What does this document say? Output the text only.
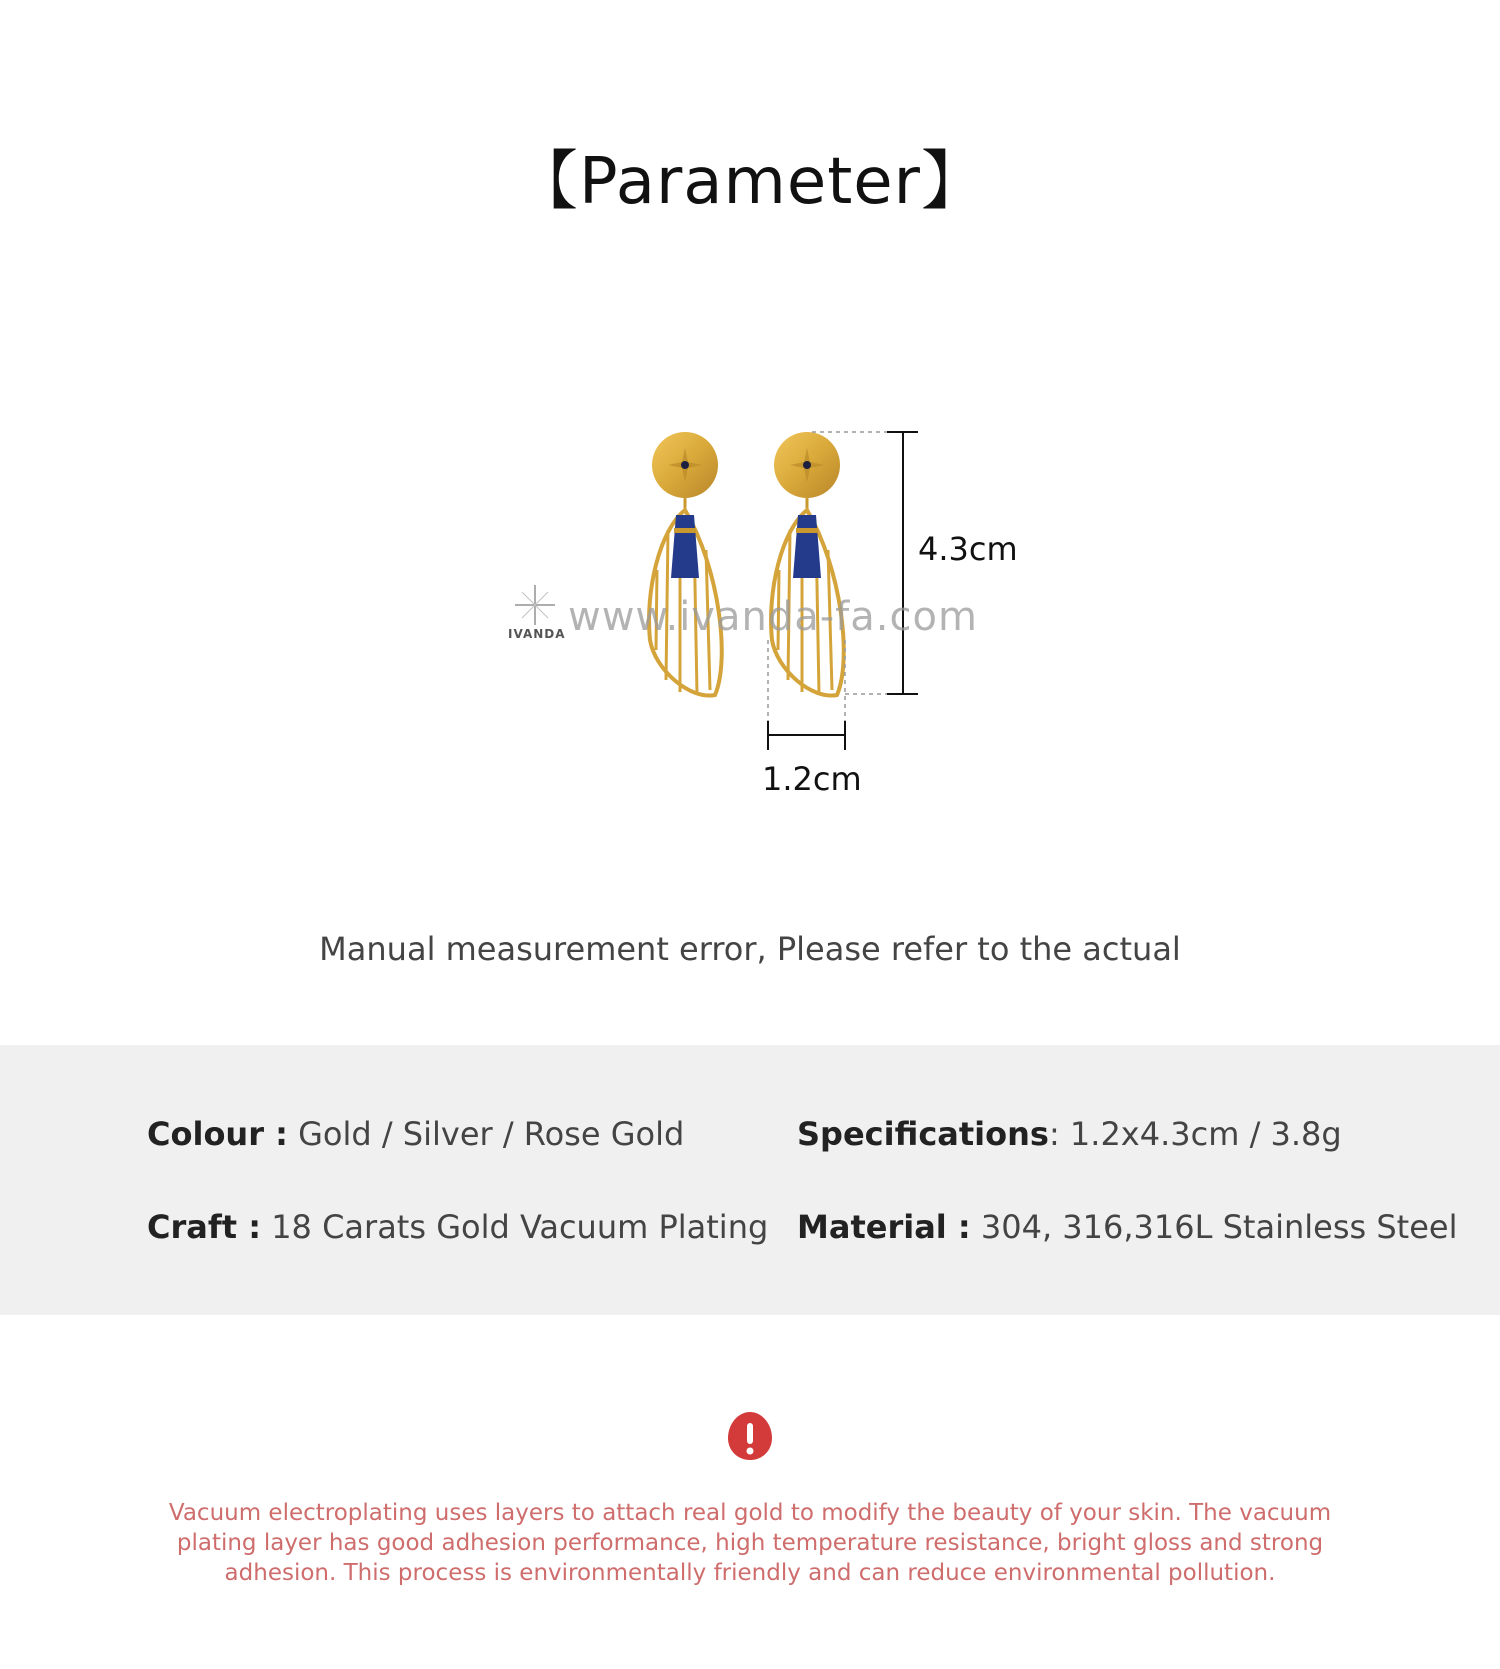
【Parameter】
4.3cm
1.2cm
www.ivanda-fa.com
IVANDA
Manual measurement error, Please refer to the actual
Colour : Gold / Silver / Rose Gold	Specifications: 1.2x4.3cm / 3.8g
Craft : 18 Carats Gold Vacuum Plating Material : 304, 316,316L Stainless Steel
Vacuum electroplating uses layers to attach real gold to modify the beauty of your skin. The vacuum plating layer has good adhesion performance, high temperature resistance, bright gloss and strong adhesion. This process is environmentally friendly and can reduce environmental pollution.
